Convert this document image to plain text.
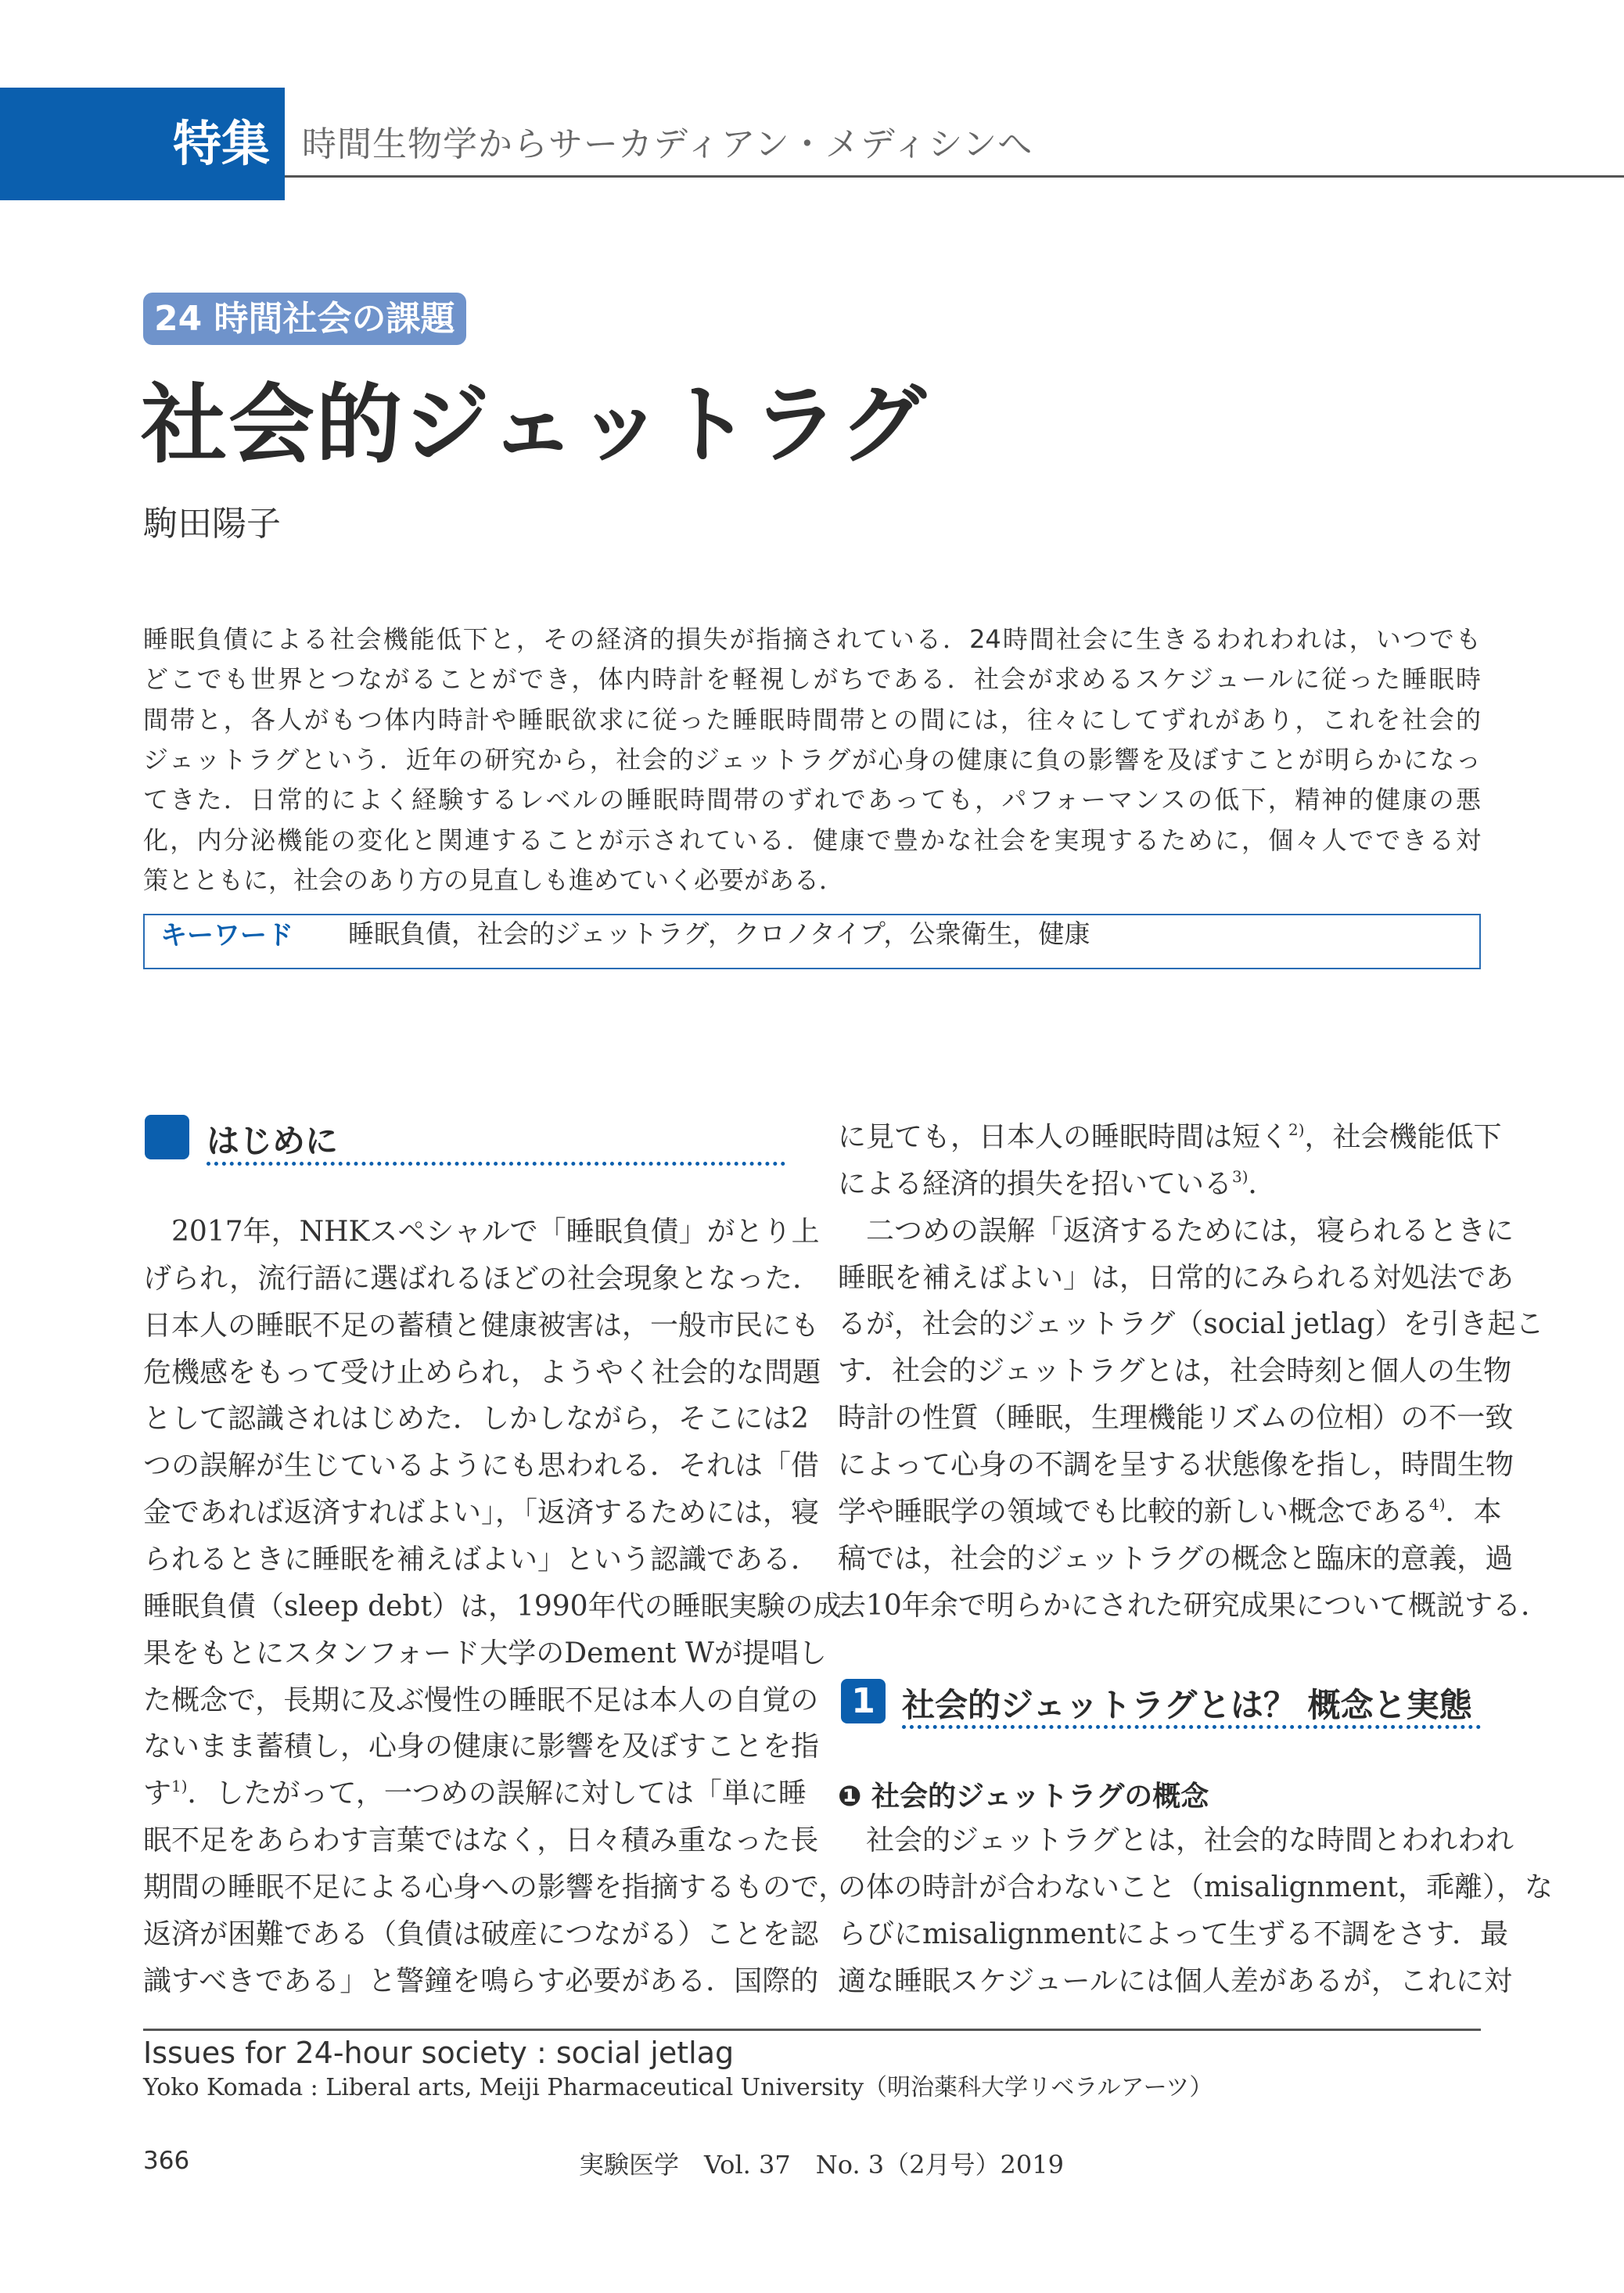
特集 時間生物学からサーカディアン・メディシンへ
24 時間社会の課題
社会的ジェットラグ
駒田陽子
睡眠負債による社会機能低下と，その経済的損失が指摘されている．24時間社会に生きるわれわれは，いつでも
どこでも世界とつながることができ，体内時計を軽視しがちである．社会が求めるスケジュールに従った睡眠時
間帯と，各人がもつ体内時計や睡眠欲求に従った睡眠時間帯との間には，往々にしてずれがあり，これを社会的
ジェットラグという．近年の研究から，社会的ジェットラグが心身の健康に負の影響を及ぼすことが明らかになっ
てきた．日常的によく経験するレベルの睡眠時間帯のずれであっても，パフォーマンスの低下，精神的健康の悪
化，内分泌機能の変化と関連することが示されている．健康で豊かな社会を実現するために，個々人でできる対
策とともに，社会のあり方の見直しも進めていく必要がある．
キーワード 睡眠負債，社会的ジェットラグ，クロノタイプ，公衆衛生，健康
はじめに
　2017年，NHKスペシャルで「睡眠負債」がとり上
げられ，流行語に選ばれるほどの社会現象となった．
日本人の睡眠不足の蓄積と健康被害は，一般市民にも
危機感をもって受け止められ，ようやく社会的な問題
として認識されはじめた．しかしながら，そこには2
つの誤解が生じているようにも思われる．それは「借
金であれば返済すればよい」，「返済するためには，寝
られるときに睡眠を補えばよい」という認識である．
睡眠負債（sleep debt）は，1990年代の睡眠実験の成
果をもとにスタンフォード大学のDement Wが提唱し
た概念で，長期に及ぶ慢性の睡眠不足は本人の自覚の
ないまま蓄積し，心身の健康に影響を及ぼすことを指
す$^{1)}$．したがって，一つめの誤解に対しては「単に睡
眠不足をあらわす言葉ではなく，日々積み重なった長
期間の睡眠不足による心身への影響を指摘するもので，
返済が困難である（負債は破産につながる）ことを認
識すべきである」と警鐘を鳴らす必要がある．国際的
に見ても，日本人の睡眠時間は短く$^{2)}$，社会機能低下
による経済的損失を招いている$^{3)}$．
　二つめの誤解「返済するためには，寝られるときに
睡眠を補えばよい」は，日常的にみられる対処法であ
るが，社会的ジェットラグ（social jetlag）を引き起こ
す．社会的ジェットラグとは，社会時刻と個人の生物
時計の性質（睡眠，生理機能リズムの位相）の不一致
によって心身の不調を呈する状態像を指し，時間生物
学や睡眠学の領域でも比較的新しい概念である$^{4)}$．本
稿では，社会的ジェットラグの概念と臨床的意義，過
去10年余で明らかにされた研究成果について概説する．
1 社会的ジェットラグとは？ 概念と実態
❶ 社会的ジェットラグの概念
　社会的ジェットラグとは，社会的な時間とわれわれ
の体の時計が合わないこと（misalignment，乖離），な
らびにmisalignmentによって生ずる不調をさす．最
適な睡眠スケジュールには個人差があるが，これに対
Issues for 24-hour society : social jetlag
Yoko Komada : Liberal arts, Meiji Pharmaceutical University（明治薬科大学リベラルアーツ）
366	実験医学　Vol. 37　No. 3（2月号）2019
